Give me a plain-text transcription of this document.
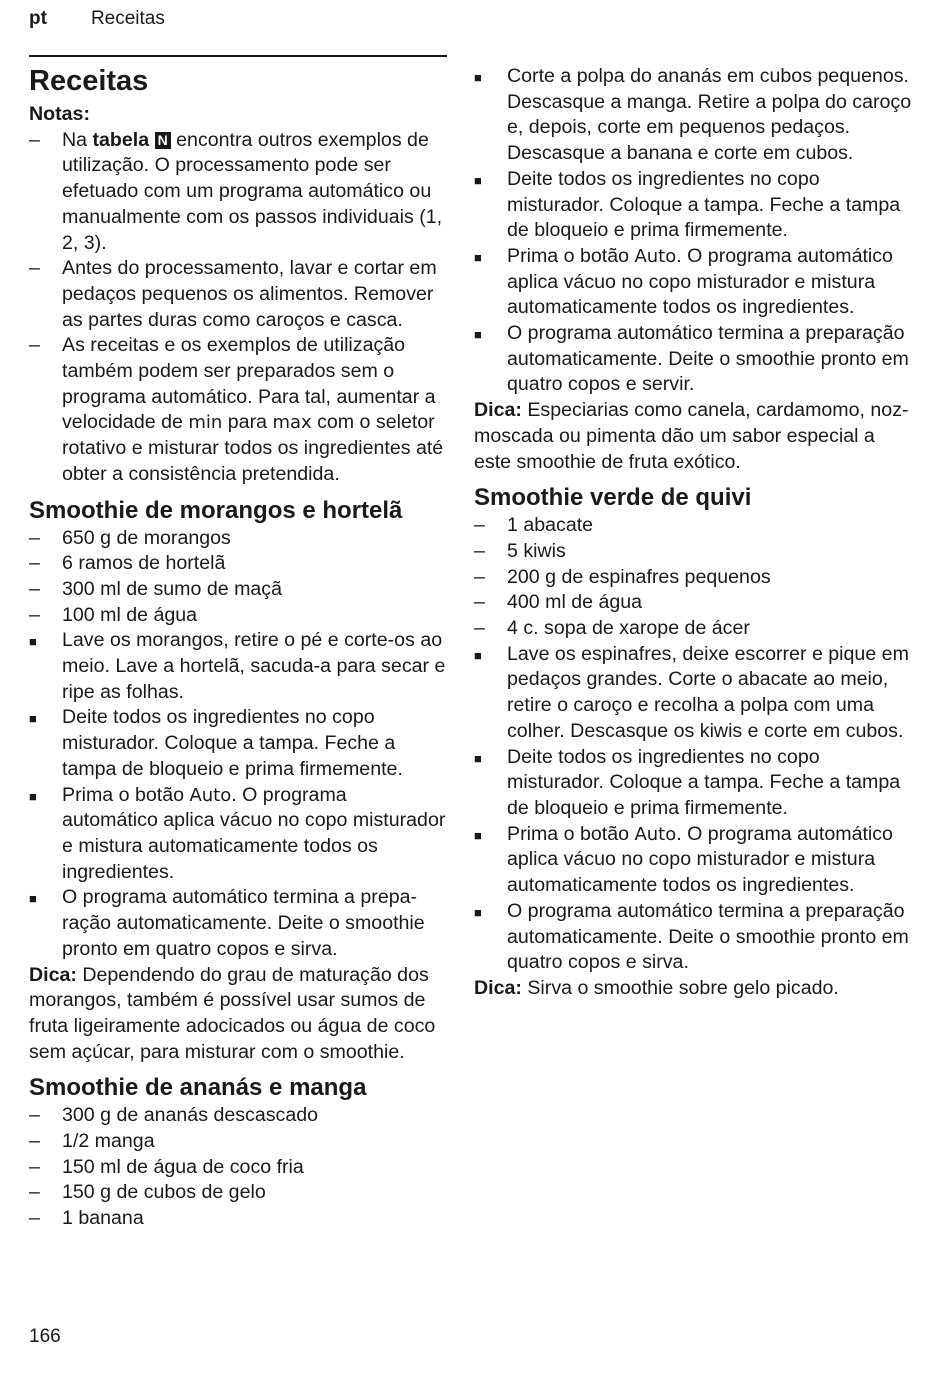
pt Receitas
Receitas
Notas:
– Na tabela N encontra outros exemplos de utilização. O processamento pode ser efetuado com um programa automático ou manualmente com os passos individuais (1, 2, 3).
– Antes do processamento, lavar e cortar em pedaços pequenos os alimentos. Remover as partes duras como caroços e casca.
– As receitas e os exemplos de utilização também podem ser preparados sem o programa automático. Para tal, aumentar a velocidade de min para max com o seletor rotativo e misturar todos os ingredientes até obter a consistência pretendida.
Smoothie de morangos e hortelã
– 650 g de morangos
– 6 ramos de hortelã
– 300 ml de sumo de maçã
– 100 ml de água
■ Lave os morangos, retire o pé e corte-os ao meio. Lave a hortelã, sacuda-a para secar e ripe as folhas.
■ Deite todos os ingredientes no copo misturador. Coloque a tampa. Feche a tampa de bloqueio e prima firmemente.
■ Prima o botão Auto. O programa automático aplica vácuo no copo misturador e mistura automaticamente todos os ingredientes.
■ O programa automático termina a preparação automaticamente. Deite o smoothie pronto em quatro copos e sirva.
Dica: Dependendo do grau de maturação dos morangos, também é possível usar sumos de fruta ligeiramente adocicados ou água de coco sem açúcar, para misturar com o smoothie.
Smoothie de ananás e manga
– 300 g de ananás descascado
– 1/2 manga
– 150 ml de água de coco fria
– 150 g de cubos de gelo
– 1 banana
■ Corte a polpa do ananás em cubos pequenos. Descasque a manga. Retire a polpa do caroço e, depois, corte em pequenos pedaços. Descasque a banana e corte em cubos.
■ Deite todos os ingredientes no copo misturador. Coloque a tampa. Feche a tampa de bloqueio e prima firmemente.
■ Prima o botão Auto. O programa automático aplica vácuo no copo misturador e mistura automaticamente todos os ingredientes.
■ O programa automático termina a preparação automaticamente. Deite o smoothie pronto em quatro copos e servir.
Dica: Especiarias como canela, cardamomo, noz-moscada ou pimenta dão um sabor especial a este smoothie de fruta exótico.
Smoothie verde de quivi
– 1 abacate
– 5 kiwis
– 200 g de espinafres pequenos
– 400 ml de água
– 4 c. sopa de xarope de ácer
■ Lave os espinafres, deixe escorrer e pique em pedaços grandes. Corte o abacate ao meio, retire o caroço e recolha a polpa com uma colher. Descasque os kiwis e corte em cubos.
■ Deite todos os ingredientes no copo misturador. Coloque a tampa. Feche a tampa de bloqueio e prima firmemente.
■ Prima o botão Auto. O programa automático aplica vácuo no copo misturador e mistura automaticamente todos os ingredientes.
■ O programa automático termina a preparação automaticamente. Deite o smoothie pronto em quatro copos e sirva.
Dica: Sirva o smoothie sobre gelo picado.
166
